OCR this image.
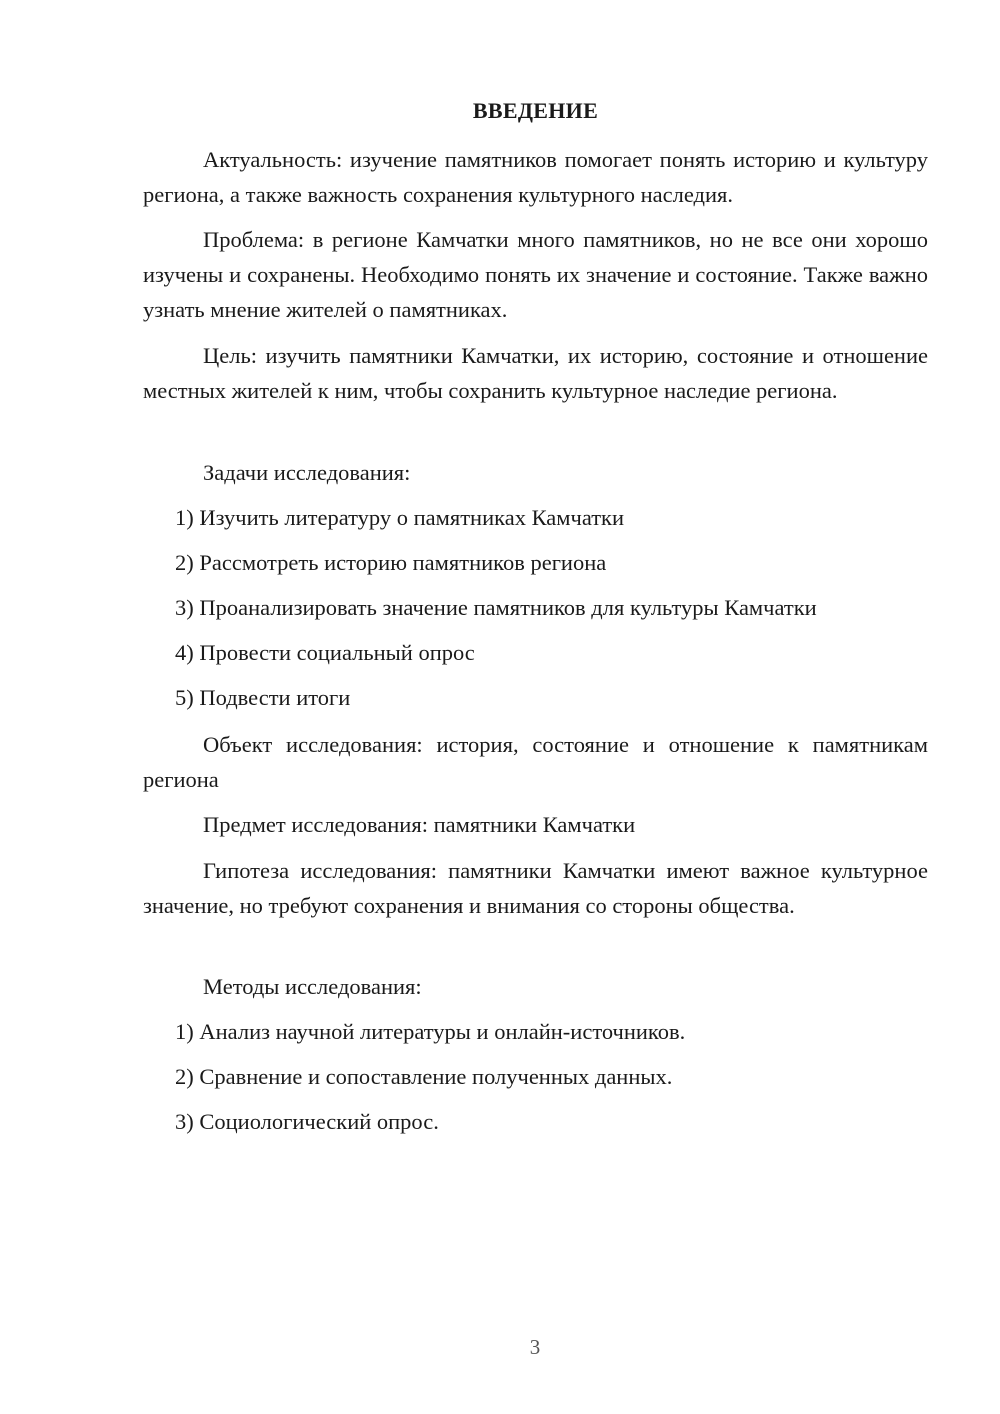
ВВЕДЕНИЕ

Актуальность: изучение памятников помогает понять историю и культуру региона, а также важность сохранения культурного наследия.

Проблема: в регионе Камчатки много памятников, но не все они хорошо изучены и сохранены. Необходимо понять их значение и состояние. Также важно узнать мнение жителей о памятниках.

Цель: изучить памятники Камчатки, их историю, состояние и отношение местных жителей к ним, чтобы сохранить культурное наследие региона.

Задачи исследования:

1) Изучить литературу о памятниках Камчатки

2) Рассмотреть историю памятников региона

3) Проанализировать значение памятников для культуры Камчатки

4) Провести социальный опрос

5) Подвести итоги

Объект исследования: история, состояние и отношение к памятникам региона

Предмет исследования: памятники Камчатки

Гипотеза исследования: памятники Камчатки имеют важное культурное значение, но требуют сохранения и внимания со стороны общества.

Методы исследования:

1) Анализ научной литературы и онлайн-источников.

2) Сравнение и сопоставление полученных данных.

3) Социологический опрос.

3
